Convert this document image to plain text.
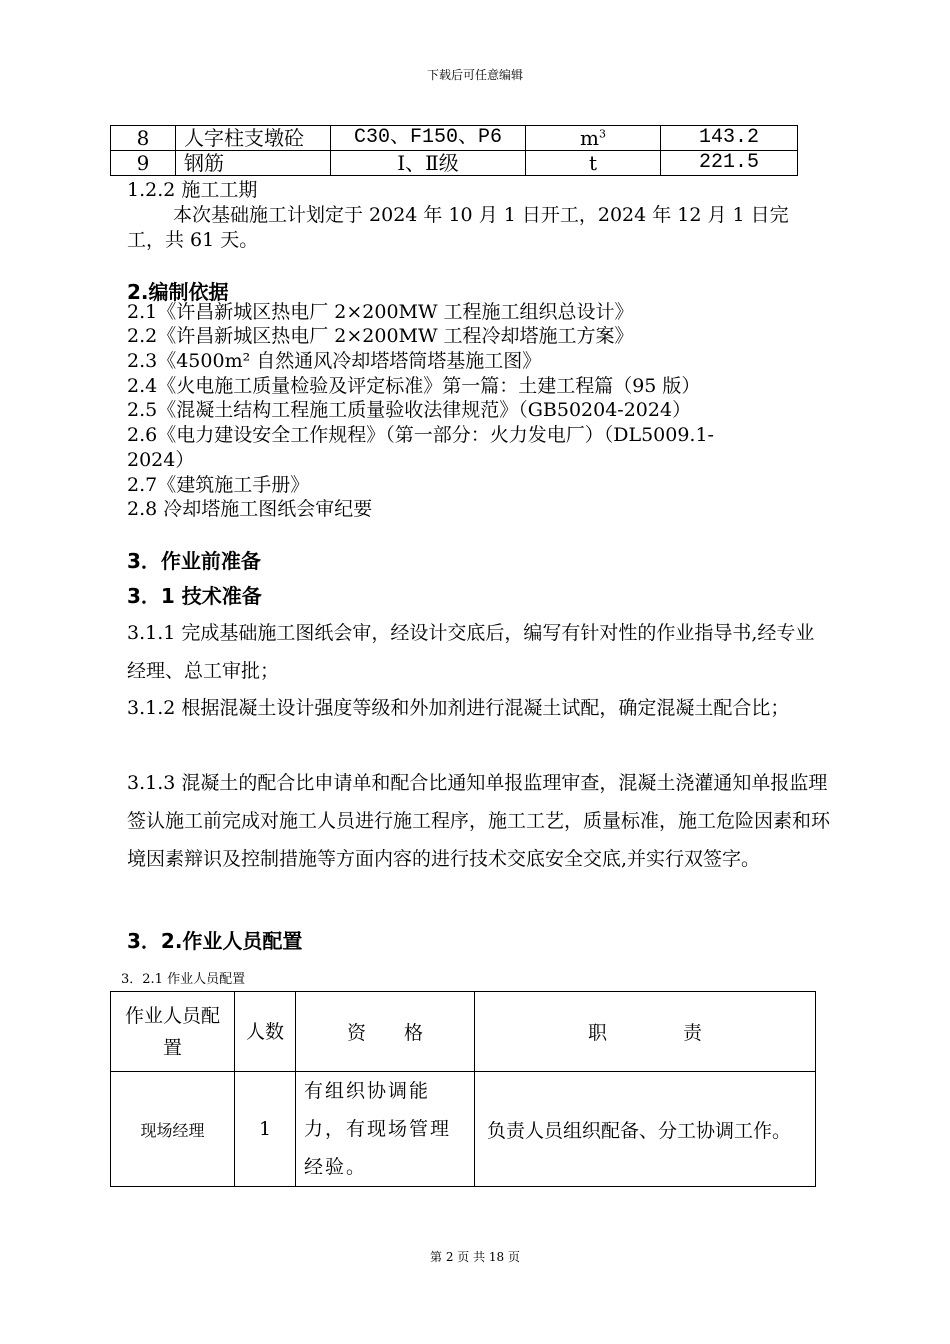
下载后可任意编辑
8	人字柱支墩砼	C30、F150、P6	$m^3$	143.2
9	钢筋	Ⅰ、Ⅱ级	t	221.5
1.2.2 施工工期
本次基础施工计划定于 2024 年 10 月 1 日开工，2024 年 12 月 1 日完
工，共 61 天。
2.编制依据
2.1《许昌新城区热电厂 2×200MW 工程施工组织总设计》
2.2《许昌新城区热电厂 2×200MW 工程冷却塔施工方案》
2.3《4500m² 自然通风冷却塔塔筒塔基施工图》
2.4《火电施工质量检验及评定标准》第一篇：土建工程篇（95 版）
2.5《混凝土结构工程施工质量验收法律规范》（GB50204-2024）
2.6《电力建设安全工作规程》（第一部分：火力发电厂）（DL5009.1-
2024）
2.7《建筑施工手册》
2.8 冷却塔施工图纸会审纪要
3．作业前准备
3．1 技术准备
3.1.1 完成基础施工图纸会审，经设计交底后，编写有针对性的作业指导书,经专业经理、总工审批；
3.1.2 根据混凝土设计强度等级和外加剂进行混凝土试配，确定混凝土配合比；
3.1.3 混凝土的配合比申请单和配合比通知单报监理审查，混凝土浇灌通知单报监理签认施工前完成对施工人员进行施工程序，施工工艺，质量标准，施工危险因素和环境因素辩识及控制措施等方面内容的进行技术交底安全交底,并实行双签字。
3．2.作业人员配置
3．2.1 作业人员配置
作业人员配置	人数	资　　格	职　　　　责
现场经理	1	有组织协调能力，有现场管理经验。	负责人员组织配备、分工协调工作。
第 2 页 共 18 页
